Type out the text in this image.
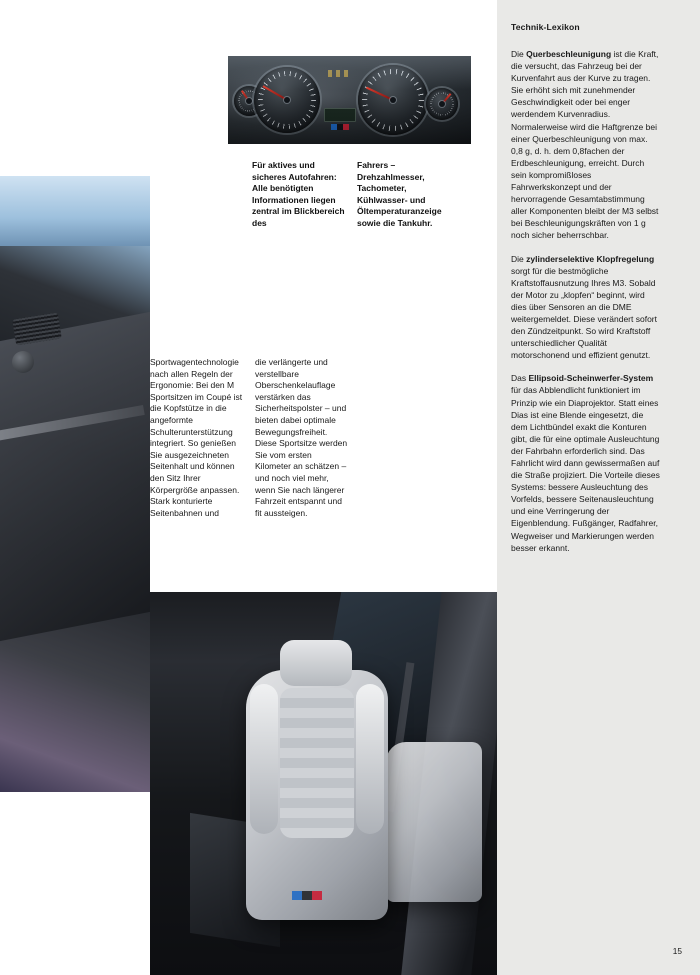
Für aktives und sicheres Autofahren: Alle benötigten Informationen liegen zentral im Blickbereich des
Fahrers – Drehzahlmesser, Tachometer, Kühlwasser- und Öltemperaturanzeige sowie die Tankuhr.
Sportwagentechnologie nach allen Regeln der Ergonomie: Bei den M Sportsitzen im Coupé ist die Kopfstütze in die angeformte Schulterunterstützung integriert. So genießen Sie ausgezeichneten Seitenhalt und können den Sitz Ihrer Körpergröße anpassen. Stark konturierte Seitenbahnen und
die verlängerte und verstellbare Oberschenkelauflage verstärken das Sicherheitspolster – und bieten dabei optimale Bewegungsfreiheit. Diese Sportsitze werden Sie vom ersten Kilometer an schätzen – und noch viel mehr, wenn Sie nach längerer Fahrzeit entspannt und fit aussteigen.
Technik-Lexikon

Die Querbeschleunigung ist die Kraft, die versucht, das Fahrzeug bei der Kurvenfahrt aus der Kurve zu tragen. Sie erhöht sich mit zunehmender Geschwindigkeit oder bei enger werdendem Kurvenradius. Normalerweise wird die Haftgrenze bei einer Querbeschleunigung von max. 0,8 g, d. h. dem 0,8fachen der Erdbeschleunigung, erreicht. Durch sein kompromißloses Fahrwerkskonzept und der hervorragende Gesamtabstimmung aller Komponenten bleibt der M3 selbst bei Beschleunigungskräften von 1 g noch sicher beherrschbar.

Die zylinderselektive Klopfregelung sorgt für die bestmögliche Kraftstoffausnutzung Ihres M3. Sobald der Motor zu „klopfen“ beginnt, wird dies über Sensoren an die DME weitergemeldet. Diese verändert sofort den Zündzeitpunkt. So wird Kraftstoff unterschiedlicher Qualität motorschonend und effizient genutzt.

Das Ellipsoid-Scheinwerfer-System für das Abblendlicht funktioniert im Prinzip wie ein Diaprojektor. Statt eines Dias ist eine Blende eingesetzt, die dem Lichtbündel exakt die Konturen gibt, die für eine optimale Ausleuchtung der Fahrbahn erforderlich sind. Das Fahrlicht wird dann gewissermaßen auf die Straße projiziert. Die Vorteile dieses Systems: bessere Ausleuchtung des Vorfelds, bessere Seitenausleuchtung und eine Verringerung der Eigenblendung. Fußgänger, Radfahrer, Wegweiser und Markierungen werden besser erkannt.

15
